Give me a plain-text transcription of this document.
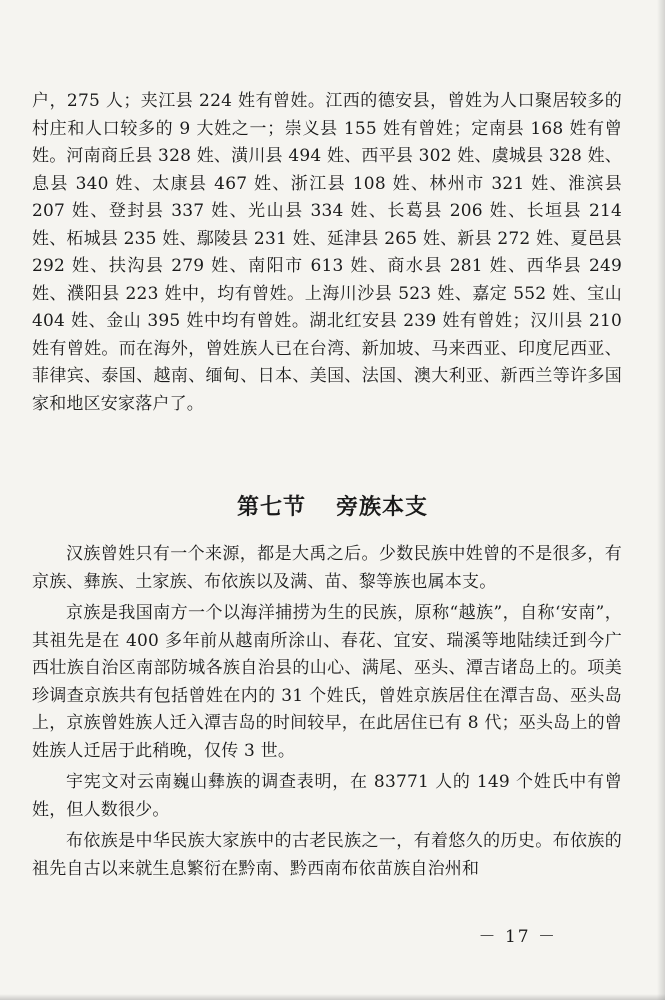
户，275 人；夹江县 224 姓有曾姓。江西的德安县，曾姓为人口聚居较多的村庄和人口较多的 9 大姓之一；崇义县 155 姓有曾姓；定南县 168 姓有曾姓。河南商丘县 328 姓、潢川县 494 姓、西平县 302 姓、虞城县 328 姓、息县 340 姓、太康县 467 姓、浙江县 108 姓、林州市 321 姓、淮滨县 207 姓、登封县 337 姓、光山县 334 姓、长葛县 206 姓、长垣县 214 姓、柘城县 235 姓、鄢陵县 231 姓、延津县 265 姓、新县 272 姓、夏邑县 292 姓、扶沟县 279 姓、南阳市 613 姓、商水县 281 姓、西华县 249 姓、濮阳县 223 姓中，均有曾姓。上海川沙县 523 姓、嘉定 552 姓、宝山 404 姓、金山 395 姓中均有曾姓。湖北红安县 239 姓有曾姓；汉川县 210 姓有曾姓。而在海外，曾姓族人已在台湾、新加坡、马来西亚、印度尼西亚、菲律宾、泰国、越南、缅甸、日本、美国、法国、澳大利亚、新西兰等许多国家和地区安家落户了。

第七节 旁族本支

汉族曾姓只有一个来源，都是大禹之后。少数民族中姓曾的不是很多，有京族、彝族、土家族、布依族以及满、苗、黎等族也属本支。

京族是我国南方一个以海洋捕捞为生的民族，原称“越族”，自称‘安南”，其祖先是在 400 多年前从越南所涂山、春花、宜安、瑞溪等地陆续迁到今广西壮族自治区南部防城各族自治县的山心、满尾、巫头、潭吉诸岛上的。项美珍调查京族共有包括曾姓在内的 31 个姓氏，曾姓京族居住在潭吉岛、巫头岛上，京族曾姓族人迁入潭吉岛的时间较早，在此居住已有 8 代；巫头岛上的曾姓族人迁居于此稍晚，仅传 3 世。

宇宪文对云南巍山彝族的调查表明，在 83771 人的 149 个姓氏中有曾姓，但人数很少。

布依族是中华民族大家族中的古老民族之一，有着悠久的历史。布依族的祖先自古以来就生息繁衍在黔南、黔西南布依苗族自治州和

－ 17 －
